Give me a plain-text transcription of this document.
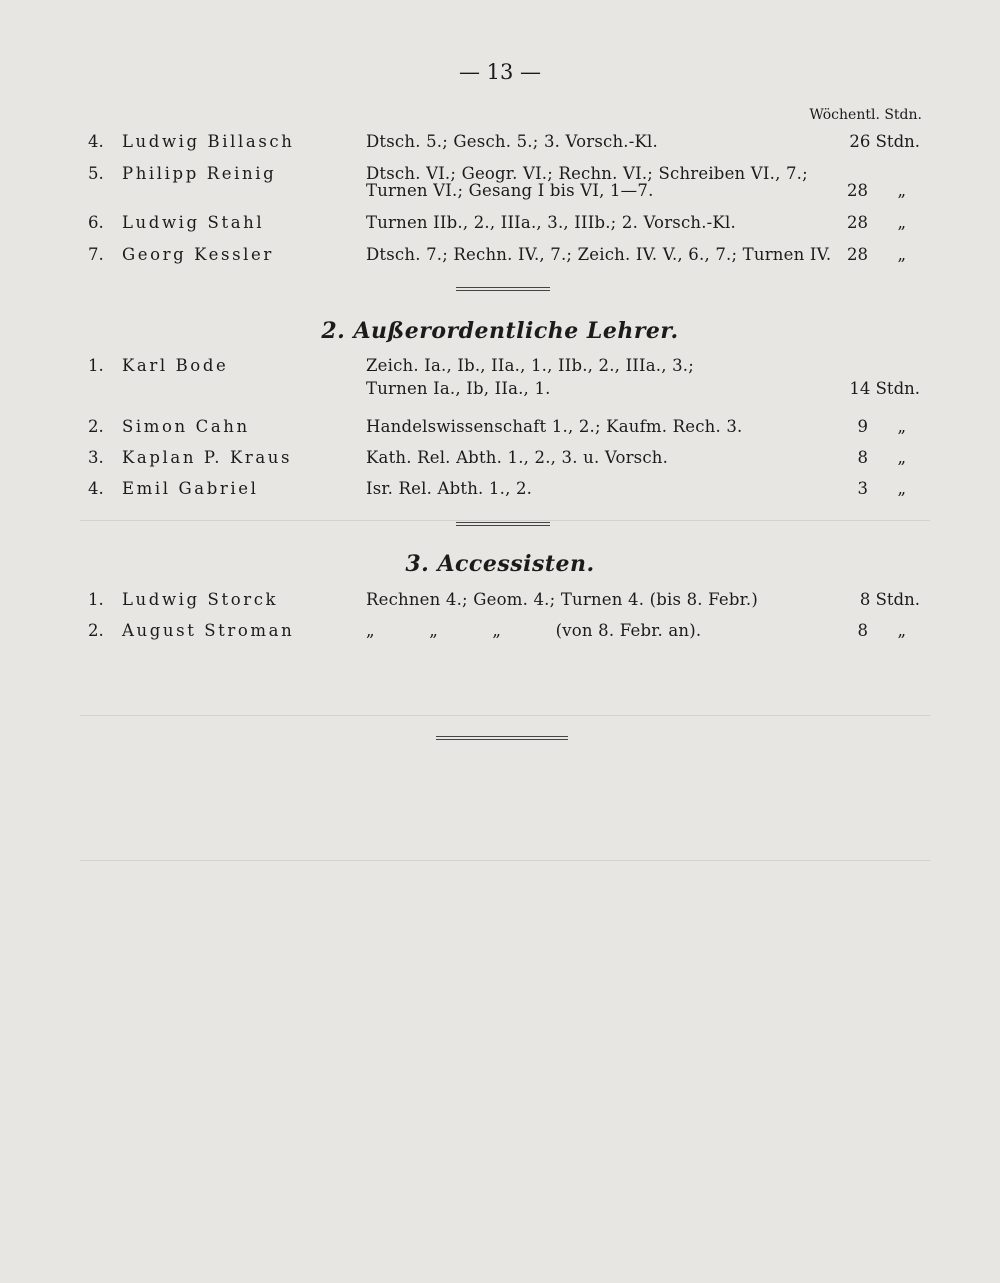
— 13 —
Wöchentl. Stdn.
4. Ludwig Billasch	Dtsch. 5.; Gesch. 5.; 3. Vorsch.-Kl.	26 Stdn.
5. Philipp Reinig	Dtsch. VI.; Geogr. VI.; Rechn. VI.; Schreiben VI., 7.;
Turnen VI.; Gesang I bis VI, 1—7.	28 „
6. Ludwig Stahl	Turnen IIb., 2., IIIa., 3., IIIb.; 2. Vorsch.-Kl.	28 „
7. Georg Kessler	Dtsch. 7.; Rechn. IV., 7.; Zeich. IV. V., 6., 7.; Turnen IV. 28 „
2. Außerordentliche Lehrer.
1. Karl Bode	Zeich. Ia., Ib., IIa., 1., IIb., 2., IIIa., 3.;
Turnen Ia., Ib, IIa., 1.	14 Stdn.
2. Simon Cahn	Handelswissenschaft 1., 2.; Kaufm. Rech. 3.	9 „
3. Kaplan P. Kraus	Kath. Rel. Abth. 1., 2., 3. u. Vorsch.	8 „
4. Emil Gabriel	Isr. Rel. Abth. 1., 2.	3 „
3. Accessisten.
1. Ludwig Storck	Rechnen 4.; Geom. 4.; Turnen 4. (bis 8. Febr.)	8 Stdn.
2. August Stroman	„          „          „          (von 8. Febr. an).	8 „
